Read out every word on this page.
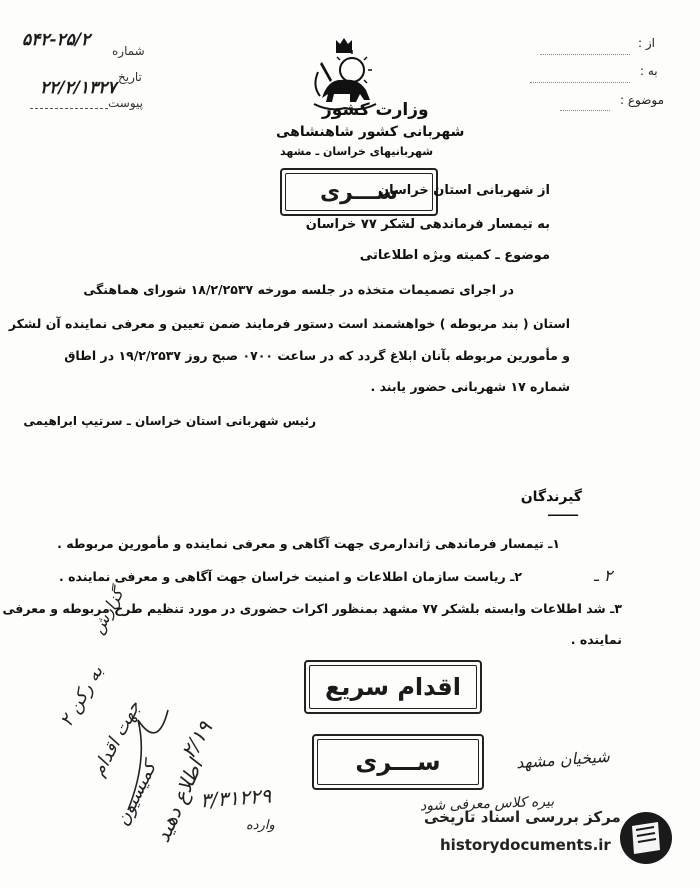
۵۴۲-۲۵/۲
شماره
۲۲/۲/۱۳۲۷
تاریخ
پیوست
از :
به :
موضوع :
وزارت کشور
شهربانی کشور شاهنشاهی
شهربانیهای خراسان ـ مشهد
ســـری
از شهربانی استان خراسان
به تیمسار فرماندهی لشکر ۷۷ خراسان
موضوع ـ کمیته ویژه اطلاعاتی
در اجرای تصمیمات متخذه در جلسه مورخه ۱۸/۲/۲۵۳۷ شورای هماهنگی
استان ( بند مربوطه ) خواهشمند است دستور فرمایند ضمن تعیین و معرفی نماینده آن لشکر
و مأمورین مربوطه بآنان ابلاغ گردد که در ساعت ۰۷۰۰ صبح روز ۱۹/۲/۲۵۳۷ در اطاق
شماره ۱۷ شهربانی حضور یابند .
رئیس شهربانی استان خراسان ـ سرتیپ ابراهیمی
گیرندگان
ـــــــ
۱ـ تیمسار فرماندهی ژاندارمری جهت آگاهی و معرفی نماینده و مأمورین مربوطه .
۲ـ ریاست سازمان اطلاعات و امنیت خراسان جهت آگاهی و معرفی نماینده .	۲ ـ
۳ـ شد اطلاعات وابسته بلشکر ۷۷ مشهد بمنظور اکرات حضوری در مورد تنظیم طرح مربوطه و معرفی
نماینده .
اقدام سریع
ســـری
گزارش
به رکن ۲
جهت اقدام
کمیسیون
اطلاع دهید
۲/۱۹
۳/۳۱۲۲۹
وارده
شیخیان مشهد
بیره کلاس معرفی شود
مرکز بررسی اسناد تاریخی
historydocuments.ir
